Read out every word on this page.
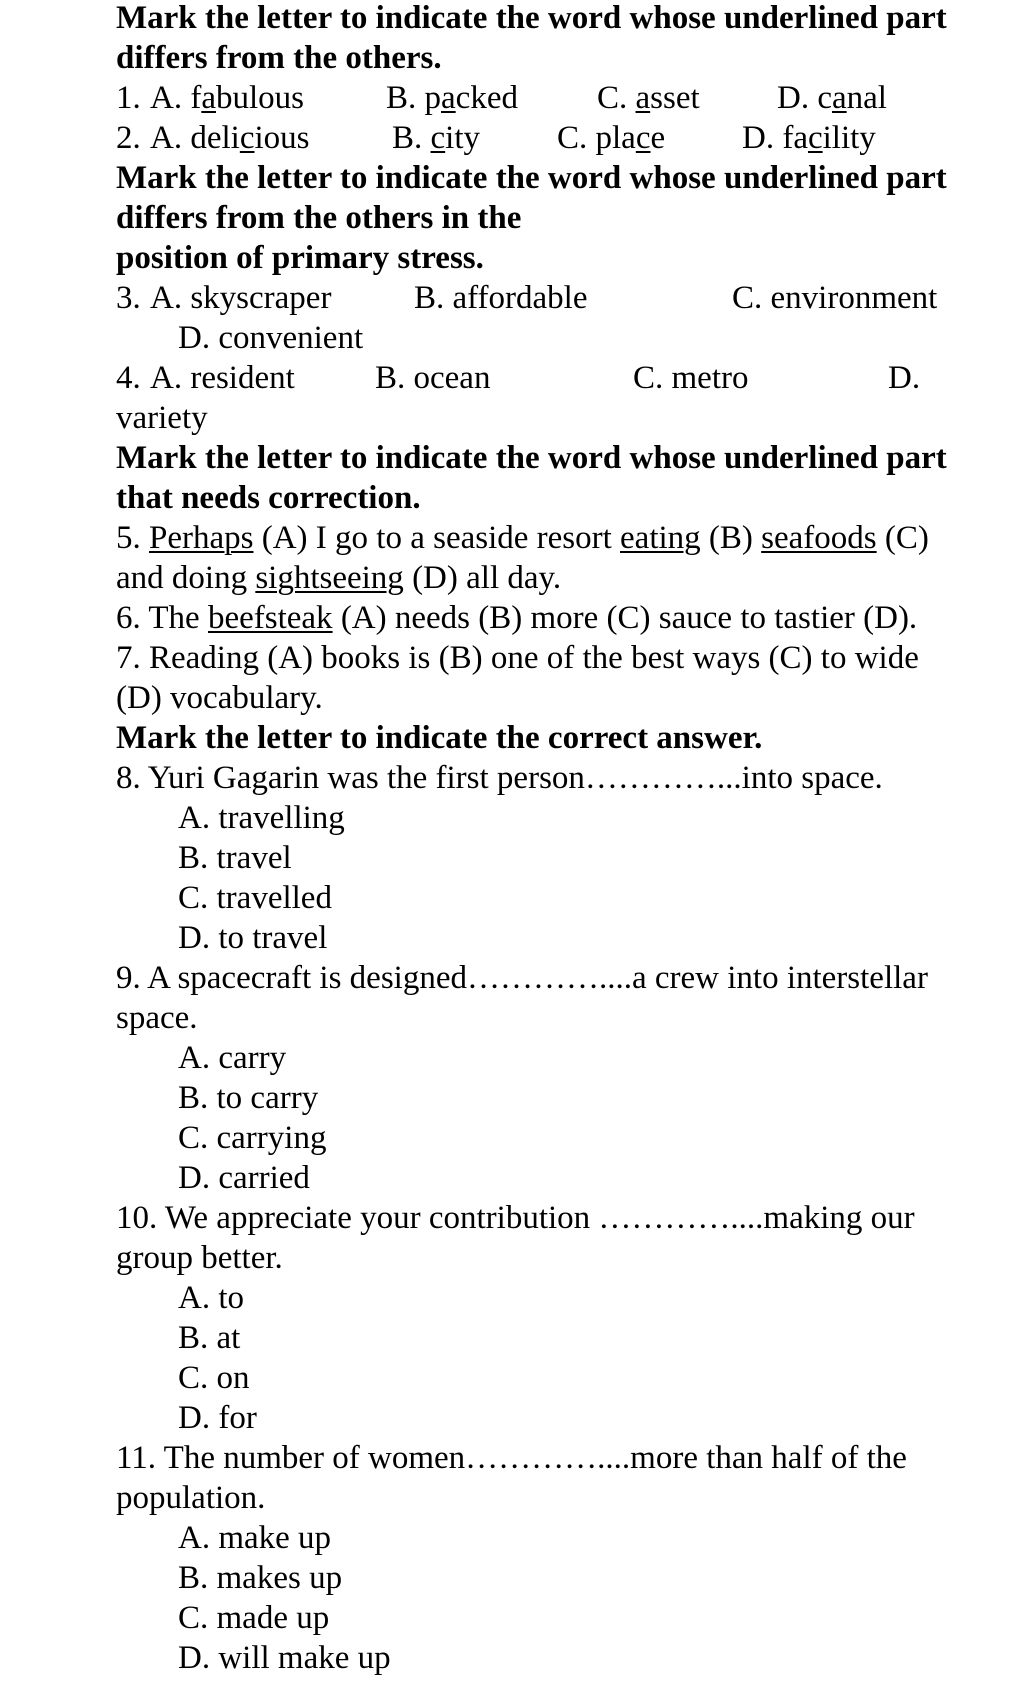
Mark the letter to indicate the word whose underlined part
differs from the others.
1. A. fabulous B. packed C. asset D. canal
2. A. delicious	B. city C. place D. facility
Mark the letter to indicate the word whose underlined part
differs from the others in the
position of primary stress.
3. A. skyscraper	B. affordable	C. environment
D. convenient
4. A. resident B. ocean	C. metro	D.
variety
Mark the letter to indicate the word whose underlined part
that needs correction.
5. Perhaps (A) I go to a seaside resort eating (B) seafoods (C)
and doing sightseeing (D) all day.
6. The beefsteak (A) needs (B) more (C) sauce to tastier (D).
7. Reading (A) books is (B) one of the best ways (C) to wide
(D) vocabulary.
Mark the letter to indicate the correct answer.
8. Yuri Gagarin was the first person…………...into space.
A. travelling
B. travel
C. travelled
D. to travel
9. A spacecraft is designed…………....a crew into interstellar
space.
A. carry
B. to carry
C. carrying
D. carried
10. We appreciate your contribution …………....making our
group better.
A. to
B. at
C. on
D. for
11. The number of women…………....more than half of the
population.
A. make up
B. makes up
C. made up
D. will make up
